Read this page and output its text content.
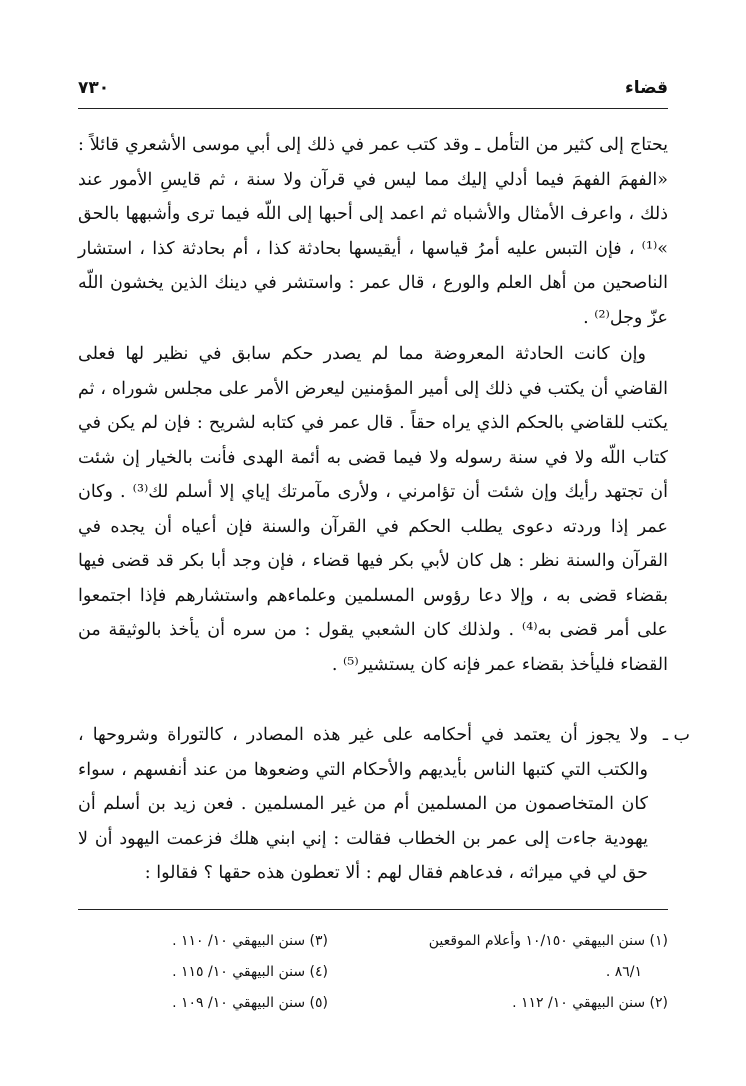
قضاء
٧٣٠

يحتاج إلى كثير من التأمل ـ وقد كتب عمر في ذلك إلى أبي موسى الأشعري قائلاً : «الفهمَ الفهمَ فيما أدلي إليك مما ليس في قرآن ولا سنة ، ثم قايسِ الأمور عند ذلك ، واعرف الأمثال والأشباه ثم اعمد إلى أحبها إلى اللّه فيما ترى وأشبهها بالحق »⁽¹⁾ ، فإن التبس عليه أمرُ قياسها ، أيقيسها بحادثة كذا ، أم بحادثة كذا ، استشار الناصحين من أهل العلم والورع ، قال عمر : واستشر في دينك الذين يخشون اللّه عزّ وجل⁽²⁾ .

وإن كانت الحادثة المعروضة مما لم يصدر حكم سابق في نظير لها فعلى القاضي أن يكتب في ذلك إلى أمير المؤمنين ليعرض الأمر على مجلس شوراه ، ثم يكتب للقاضي بالحكم الذي يراه حقاً . قال عمر في كتابه لشريح : فإن لم يكن في كتاب اللّه ولا في سنة رسوله ولا فيما قضى به أئمة الهدى فأنت بالخيار إن شئت أن تجتهد رأيك وإن شئت أن تؤامرني ، ولأرى مآمرتك إياي إلا أسلم لك⁽³⁾ . وكان عمر إذا وردته دعوى يطلب الحكم في القرآن والسنة فإن أعياه أن يجده في القرآن والسنة نظر : هل كان لأبي بكر فيها قضاء ، فإن وجد أبا بكر قد قضى فيها بقضاء قضى به ، وإلا دعا رؤوس المسلمين وعلماءهم واستشارهم فإذا اجتمعوا على أمر قضى به⁽⁴⁾ . ولذلك كان الشعبي يقول : من سره أن يأخذ بالوثيقة من القضاء فليأخذ بقضاء عمر فإنه كان يستشير⁽⁵⁾ .

ب ـ
ولا يجوز أن يعتمد في أحكامه على غير هذه المصادر ، كالتوراة وشروحها ، والكتب التي كتبها الناس بأيديهم والأحكام التي وضعوها من عند أنفسهم ، سواء كان المتخاصمون من المسلمين أم من غير المسلمين . فعن زيد بن أسلم أن يهودية جاءت إلى عمر بن الخطاب فقالت : إني ابني هلك فزعمت اليهود أن لا حق لي في ميراثه ، فدعاهم فقال لهم : ألا تعطون هذه حقها ؟ فقالوا :
(١) سنن البيهقي ١٠/١٥٠ وأعلام الموقعين
٨٦/١ .
(٢) سنن البيهقي ١٠/ ١١٢ .
(٣) سنن البيهقي ١٠/ ١١٠ .
(٤) سنن البيهقي ١٠/ ١١٥ .
(٥) سنن البيهقي ١٠/ ١٠٩ .
